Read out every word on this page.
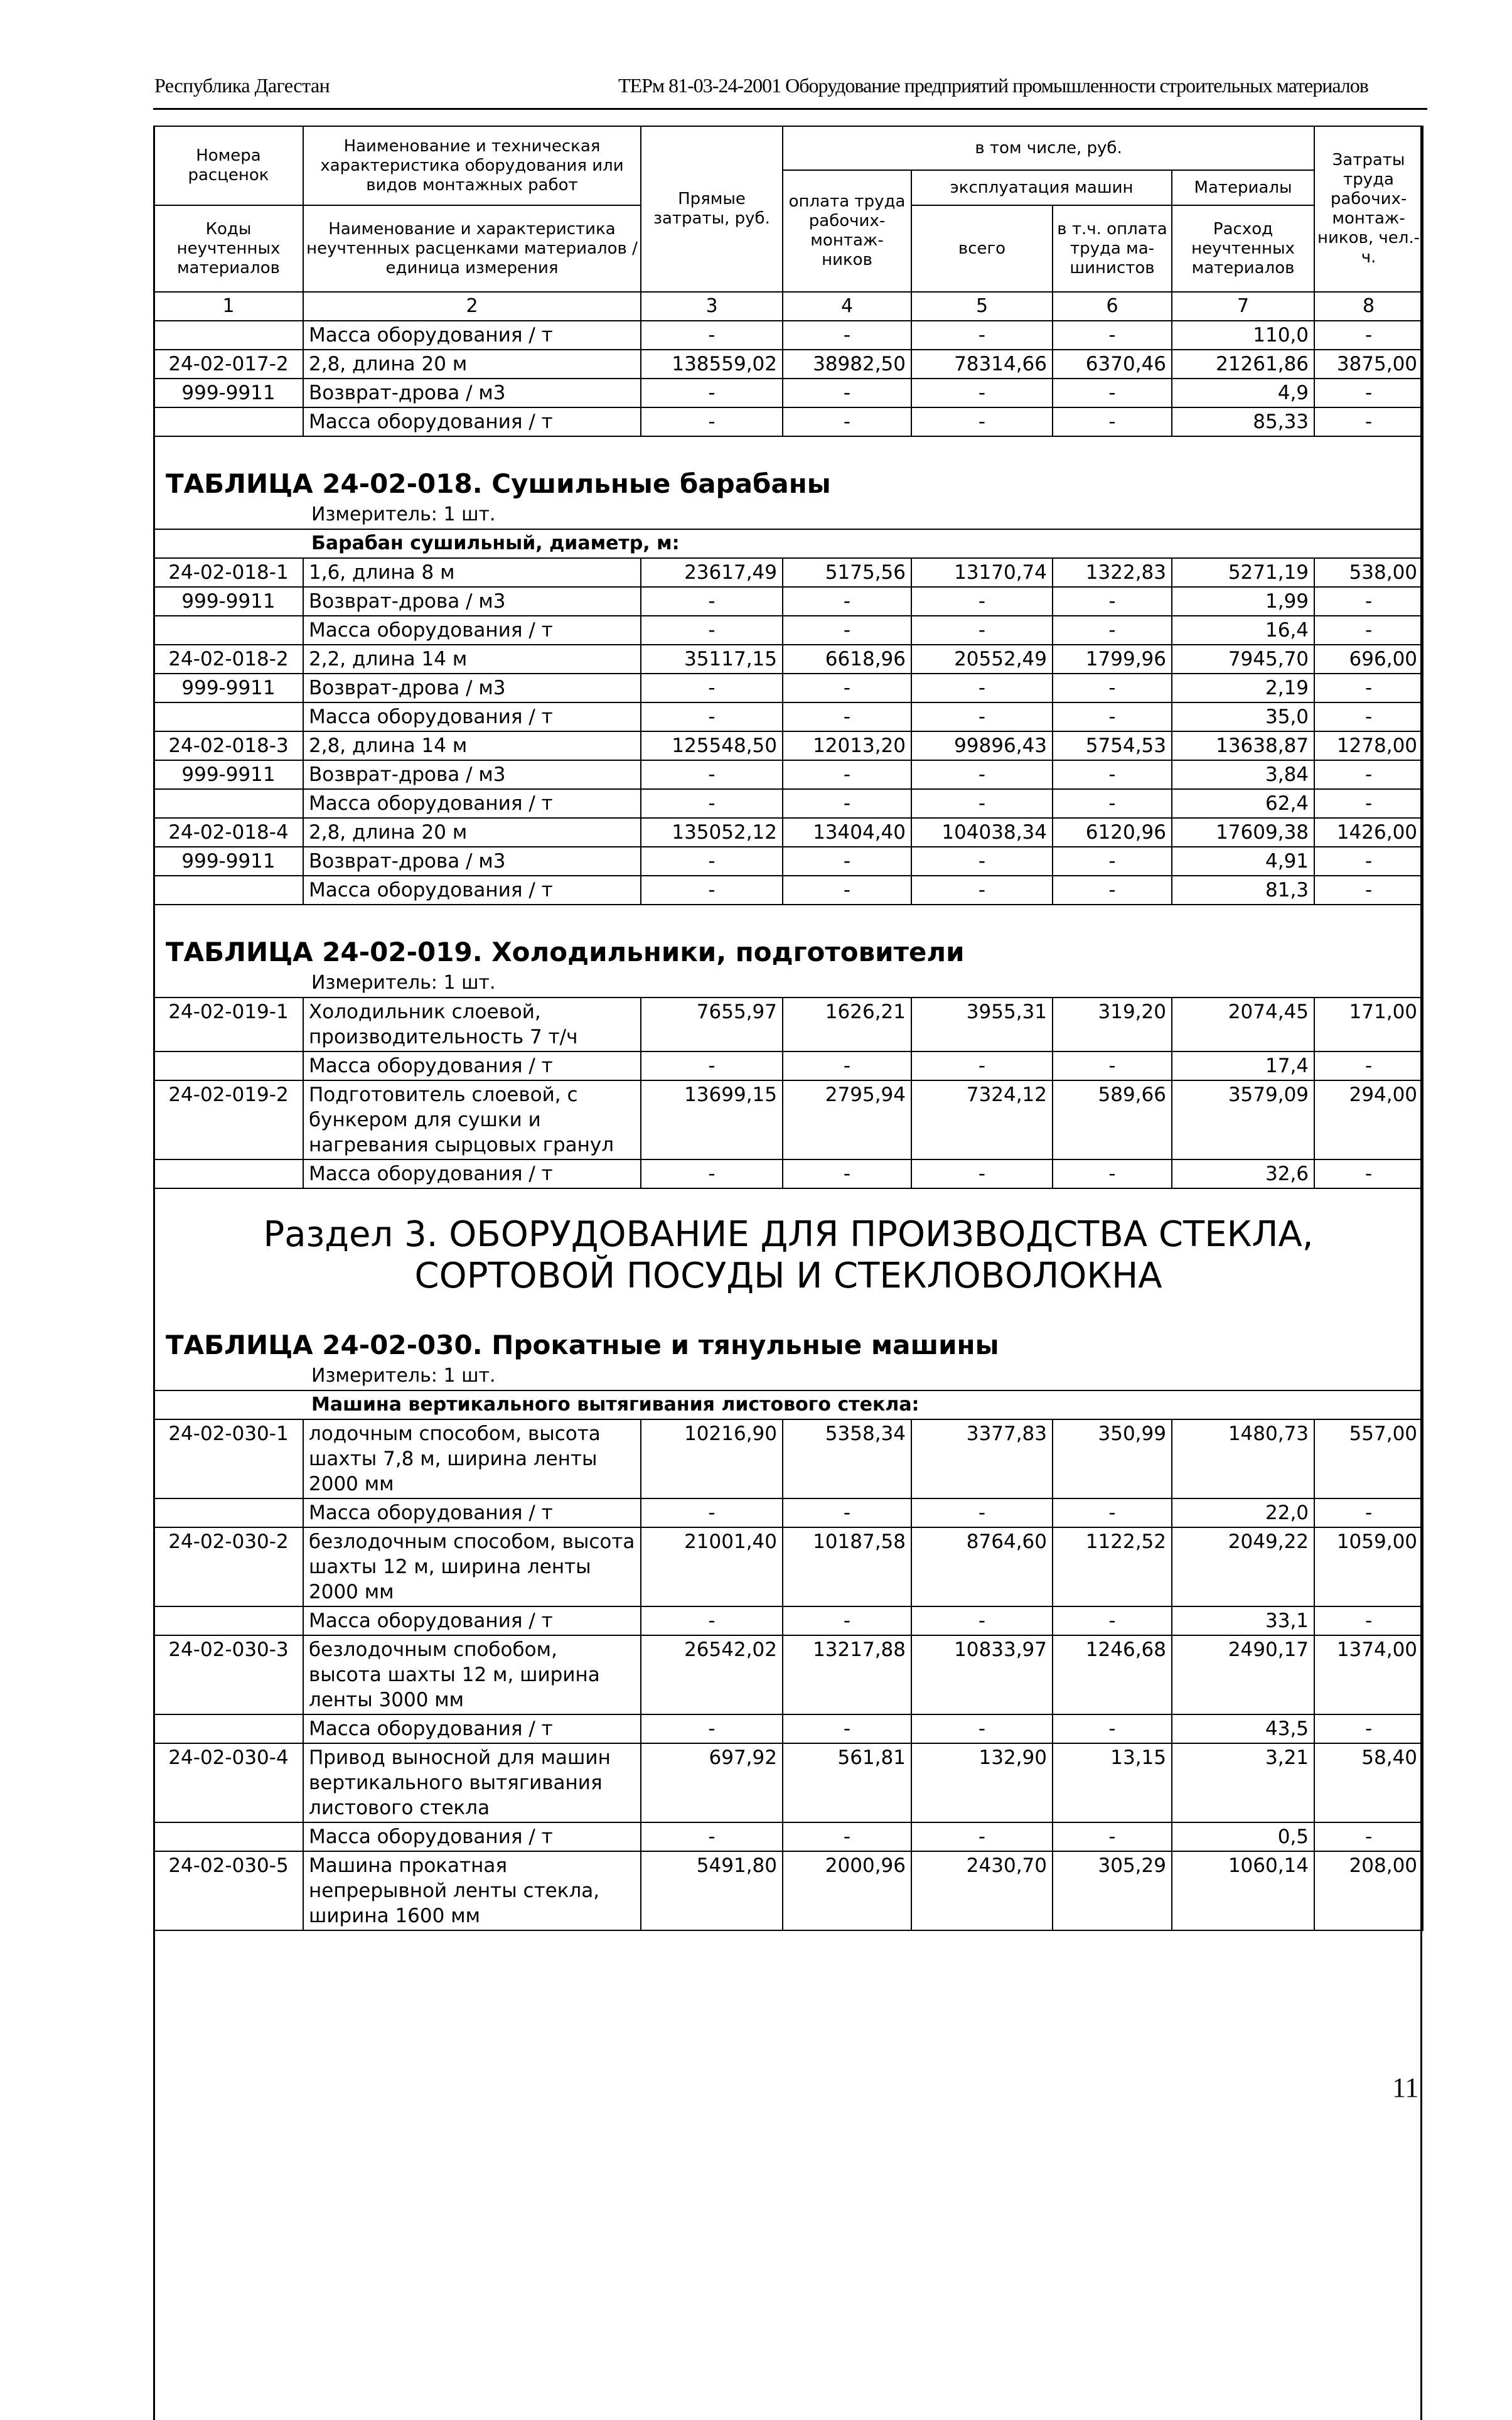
Республика Дагестан	ТЕРм 81-03-24-2001 Оборудование предприятий промышленности строительных материалов
Номера расценок	Наименование и техническая характеристика оборудования или видов монтажных работ	Прямые затраты, руб.	в том числе, руб.				Затраты труда рабочих-монтаж-ников, чел.-ч.
			оплата труда рабочих-монтаж-ников	эксплуатация машин		Материалы	
Коды неучтенных материалов	Наименование и характеристика неучтенных расценками материалов / единица измерения			всего	в т.ч. оплата труда ма-шинистов	Расход неучтенных материалов	

1	2	3	4	5	6	7	8
	Масса оборудования / т	-	-	-	-	110,0	-
24-02-017-2	2,8, длина 20 м	138559,02	38982,50	78314,66	6370,46	21261,86	3875,00
999-9911	Возврат-дрова / м3	-	-	-	-	4,9	-
	Масса оборудования / т	-	-	-	-	85,33	-
ТАБЛИЦА 24-02-018. Сушильные барабаны							
Измеритель: 1 шт.							
Барабан сушильный, диаметр, м:							
24-02-018-1	1,6, длина 8 м	23617,49	5175,56	13170,74	1322,83	5271,19	538,00
999-9911	Возврат-дрова / м3	-	-	-	-	1,99	-
	Масса оборудования / т	-	-	-	-	16,4	-
24-02-018-2	2,2, длина 14 м	35117,15	6618,96	20552,49	1799,96	7945,70	696,00
999-9911	Возврат-дрова / м3	-	-	-	-	2,19	-
	Масса оборудования / т	-	-	-	-	35,0	-
24-02-018-3	2,8, длина 14 м	125548,50	12013,20	99896,43	5754,53	13638,87	1278,00
999-9911	Возврат-дрова / м3	-	-	-	-	3,84	-
	Масса оборудования / т	-	-	-	-	62,4	-
24-02-018-4	2,8, длина 20 м	135052,12	13404,40	104038,34	6120,96	17609,38	1426,00
999-9911	Возврат-дрова / м3	-	-	-	-	4,91	-
	Масса оборудования / т	-	-	-	-	81,3	-
ТАБЛИЦА 24-02-019. Холодильники, подготовители							
Измеритель: 1 шт.							
24-02-019-1	Холодильник слоевой, производительность 7 т/ч	7655,97	1626,21	3955,31	319,20	2074,45	171,00
	Масса оборудования / т	-	-	-	-	17,4	-
24-02-019-2	Подготовитель слоевой, с бункером для сушки и нагревания сырцовых гранул	13699,15	2795,94	7324,12	589,66	3579,09	294,00
	Масса оборудования / т	-	-	-	-	32,6	-
Раздел 3. ОБОРУДОВАНИЕ ДЛЯ ПРОИЗВОДСТВА СТЕКЛА, СОРТОВОЙ ПОСУДЫ И СТЕКЛОВОЛОКНА							
ТАБЛИЦА 24-02-030. Прокатные и тянульные машины							
Измеритель: 1 шт.							
Машина вертикального вытягивания листового стекла:							
24-02-030-1	лодочным способом, высота шахты 7,8 м, ширина ленты 2000 мм	10216,90	5358,34	3377,83	350,99	1480,73	557,00
	Масса оборудования / т	-	-	-	-	22,0	-
24-02-030-2	безлодочным способом, высота шахты 12 м, ширина ленты 2000 мм	21001,40	10187,58	8764,60	1122,52	2049,22	1059,00
	Масса оборудования / т	-	-	-	-	33,1	-
24-02-030-3	безлодочным спобобом, высота шахты 12 м, ширина ленты 3000 мм	26542,02	13217,88	10833,97	1246,68	2490,17	1374,00
	Масса оборудования / т	-	-	-	-	43,5	-
24-02-030-4	Привод выносной для машин вертикального вытягивания листового стекла	697,92	561,81	132,90	13,15	3,21	58,40
	Масса оборудования / т	-	-	-	-	0,5	-
24-02-030-5	Машина прокатная непрерывной ленты стекла, ширина 1600 мм	5491,80	2000,96	2430,70	305,29	1060,14	208,00
11
